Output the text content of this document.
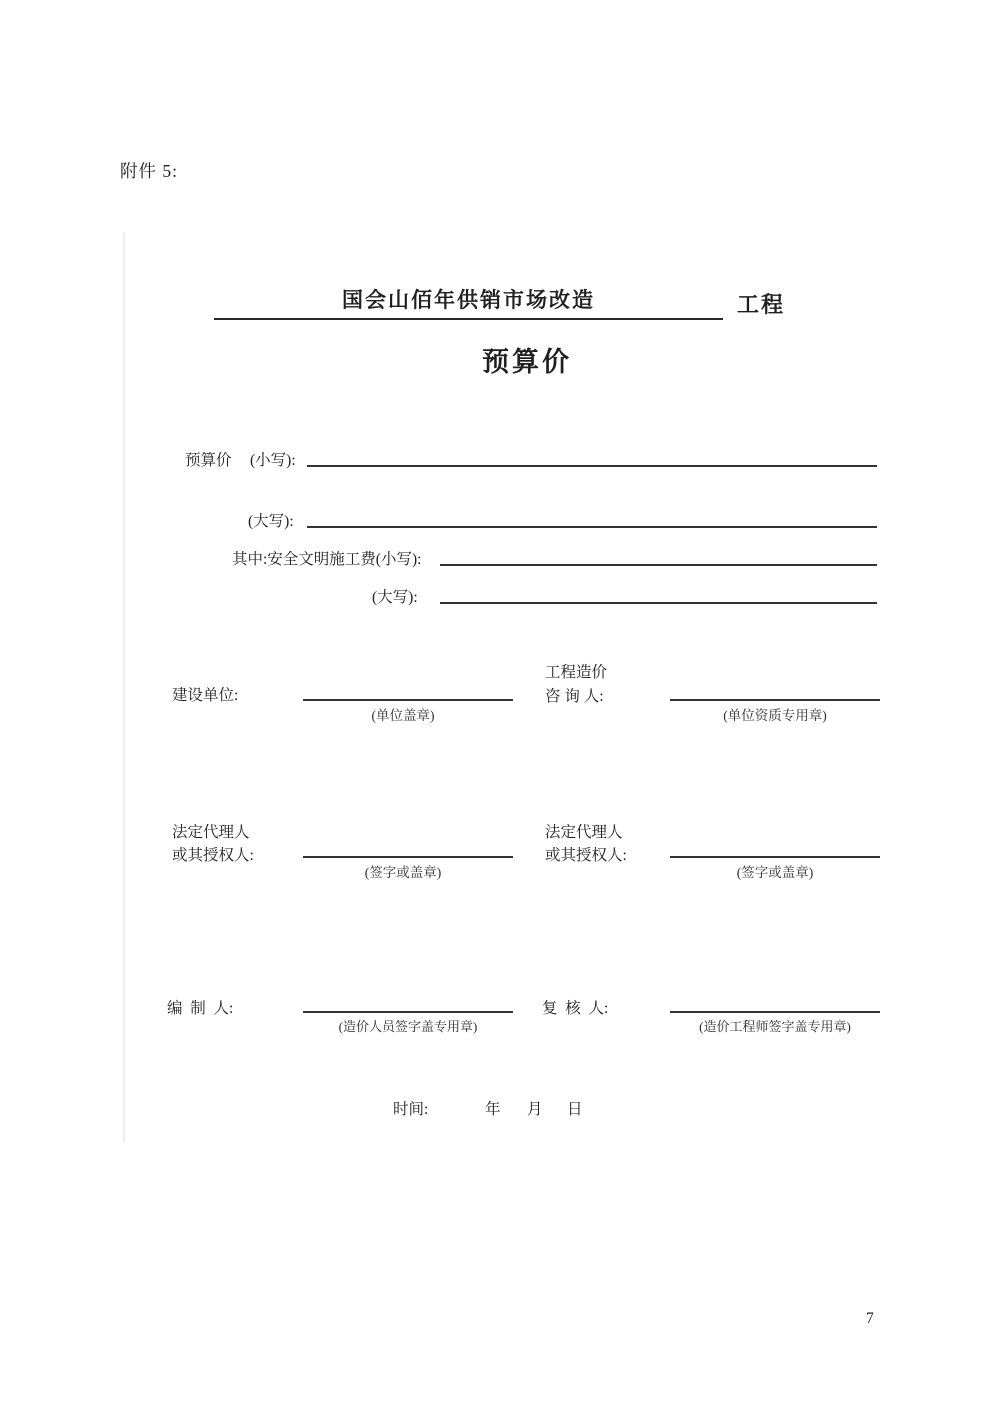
附件 5:
国会山佰年供销市场改造	工程
预算价
预算价 (小写):
(大写):
其中:安全文明施工费(小写):
(大写):
建设单位:
(单位盖章)
工程造价
咨 询 人:
(单位资质专用章)
法定代理人
或其授权人:
(签字或盖章)
法定代理人
或其授权人:
(签字或盖章)
编  制  人:
(造价人员签字盖专用章)
复  核  人:
(造价工程师签字盖专用章)
时间:	年 月 日
7
